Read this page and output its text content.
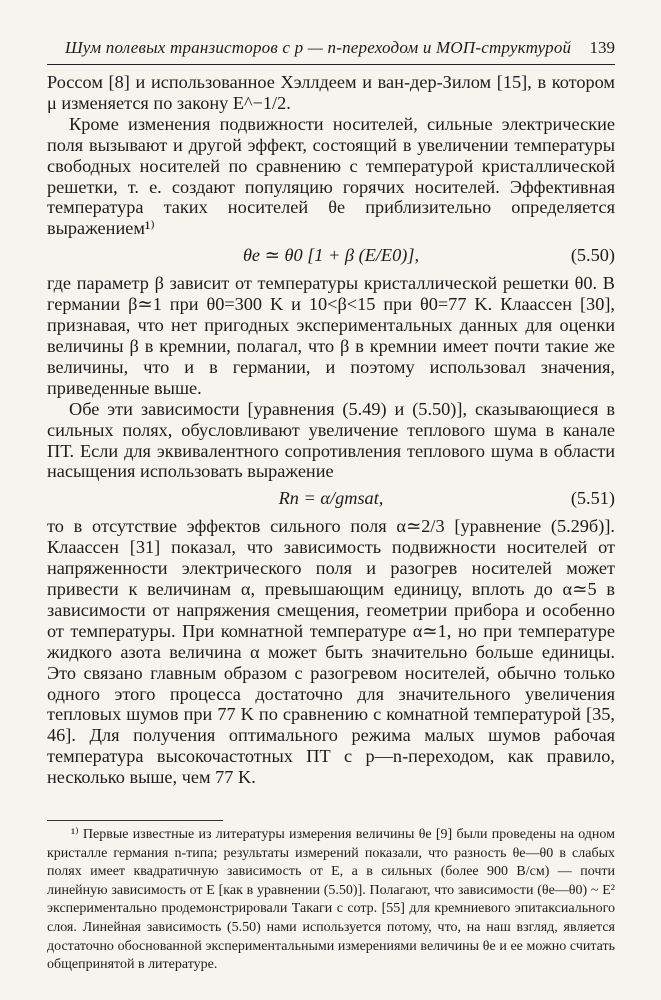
Шум полевых транзисторов с p — n-переходом и МОП-структурой 139

Россом [8] и использованное Хэллдеем и ван-дер-Зилом [15], в котором μ изменяется по закону E^−1/2.

Кроме изменения подвижности носителей, сильные электрические поля вызывают и другой эффект, состоящий в увеличении температуры свободных носителей по сравнению с температурой кристаллической решетки, т. е. создают популяцию горячих носителей. Эффективная температура таких носителей θe приблизительно определяется выражением¹⁾

θe ≃ θ0 [1 + β (E/E0)],	(5.50)

где параметр β зависит от температуры кристаллической решетки θ0. В германии β≃1 при θ0=300 K и 10<β<15 при θ0=77 K. Клаассен [30], признавая, что нет пригодных экспериментальных данных для оценки величины β в кремнии, полагал, что β в кремнии имеет почти такие же величины, что и в германии, и поэтому использовал значения, приведенные выше.

Обе эти зависимости [уравнения (5.49) и (5.50)], сказывающиеся в сильных полях, обусловливают увеличение теплового шума в канале ПТ. Если для эквивалентного сопротивления теплового шума в области насыщения использовать выражение

Rn = α/gmsat,	(5.51)

то в отсутствие эффектов сильного поля α≃2/3 [уравнение (5.29б)]. Клаассен [31] показал, что зависимость подвижности носителей от напряженности электрического поля и разогрев носителей может привести к величинам α, превышающим единицу, вплоть до α≃5 в зависимости от напряжения смещения, геометрии прибора и особенно от температуры. При комнатной температуре α≃1, но при температуре жидкого азота величина α может быть значительно больше единицы. Это связано главным образом с разогревом носителей, обычно только одного этого процесса достаточно для значительного увеличения тепловых шумов при 77 K по сравнению с комнатной температурой [35, 46]. Для получения оптимального режима малых шумов рабочая температура высокочастотных ПТ с p—n-переходом, как правило, несколько выше, чем 77 K.

¹⁾ Первые известные из литературы измерения величины θe [9] были проведены на одном кристалле германия n-типа; результаты измерений показали, что разность θe—θ0 в слабых полях имеет квадратичную зависимость от E, а в сильных (более 900 В/см) — почти линейную зависимость от E [как в уравнении (5.50)]. Полагают, что зависимости (θe—θ0) ~ E² экспериментально продемонстрировали Такаги с сотр. [55] для кремниевого эпитаксиального слоя. Линейная зависимость (5.50) нами используется потому, что, на наш взгляд, является достаточно обоснованной экспериментальными измерениями величины θe и ее можно считать общепринятой в литературе.
